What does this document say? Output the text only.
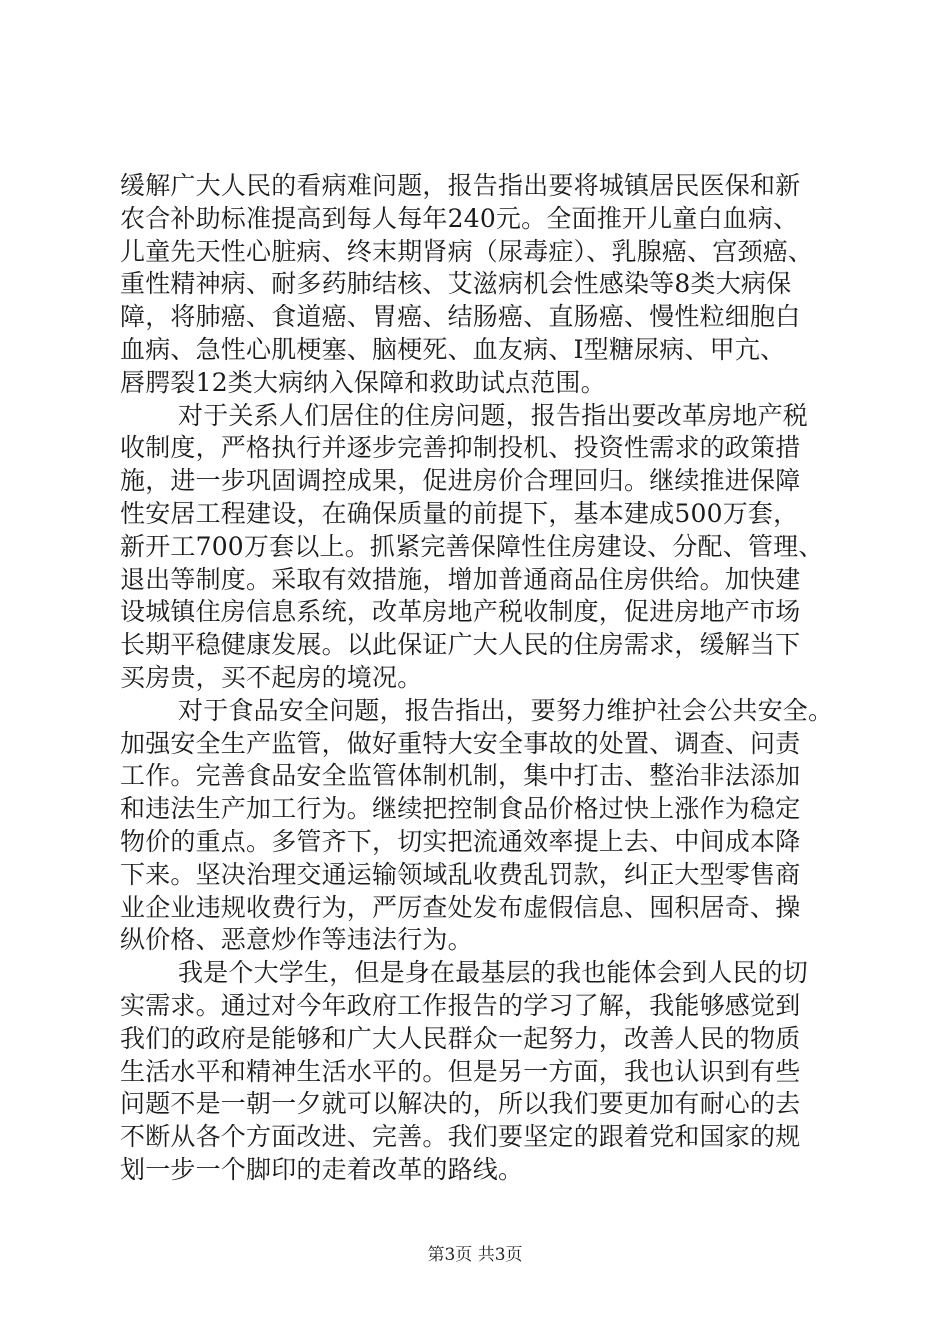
缓解广大人民的看病难问题，报告指出要将城镇居民医保和新
农合补助标准提高到每人每年240元。全面推开儿童白血病、
儿童先天性心脏病、终末期肾病（尿毒症）、乳腺癌、宫颈癌、
重性精神病、耐多药肺结核、艾滋病机会性感染等8类大病保
障，将肺癌、食道癌、胃癌、结肠癌、直肠癌、慢性粒细胞白
血病、急性心肌梗塞、脑梗死、血友病、Ⅰ型糖尿病、甲亢、
唇腭裂12类大病纳入保障和救助试点范围。
对于关系人们居住的住房问题，报告指出要改革房地产税
收制度，严格执行并逐步完善抑制投机、投资性需求的政策措
施，进一步巩固调控成果，促进房价合理回归。继续推进保障
性安居工程建设，在确保质量的前提下，基本建成500万套，
新开工700万套以上。抓紧完善保障性住房建设、分配、管理、
退出等制度。采取有效措施，增加普通商品住房供给。加快建
设城镇住房信息系统，改革房地产税收制度，促进房地产市场
长期平稳健康发展。以此保证广大人民的住房需求，缓解当下
买房贵，买不起房的境况。
对于食品安全问题，报告指出，要努力维护社会公共安全。
加强安全生产监管，做好重特大安全事故的处置、调查、问责
工作。完善食品安全监管体制机制，集中打击、整治非法添加
和违法生产加工行为。继续把控制食品价格过快上涨作为稳定
物价的重点。多管齐下，切实把流通效率提上去、中间成本降
下来。坚决治理交通运输领域乱收费乱罚款，纠正大型零售商
业企业违规收费行为，严厉查处发布虚假信息、囤积居奇、操
纵价格、恶意炒作等违法行为。
我是个大学生，但是身在最基层的我也能体会到人民的切
实需求。通过对今年政府工作报告的学习了解，我能够感觉到
我们的政府是能够和广大人民群众一起努力，改善人民的物质
生活水平和精神生活水平的。但是另一方面，我也认识到有些
问题不是一朝一夕就可以解决的，所以我们要更加有耐心的去
不断从各个方面改进、完善。我们要坚定的跟着党和国家的规
划一步一个脚印的走着改革的路线。
第3页 共3页
